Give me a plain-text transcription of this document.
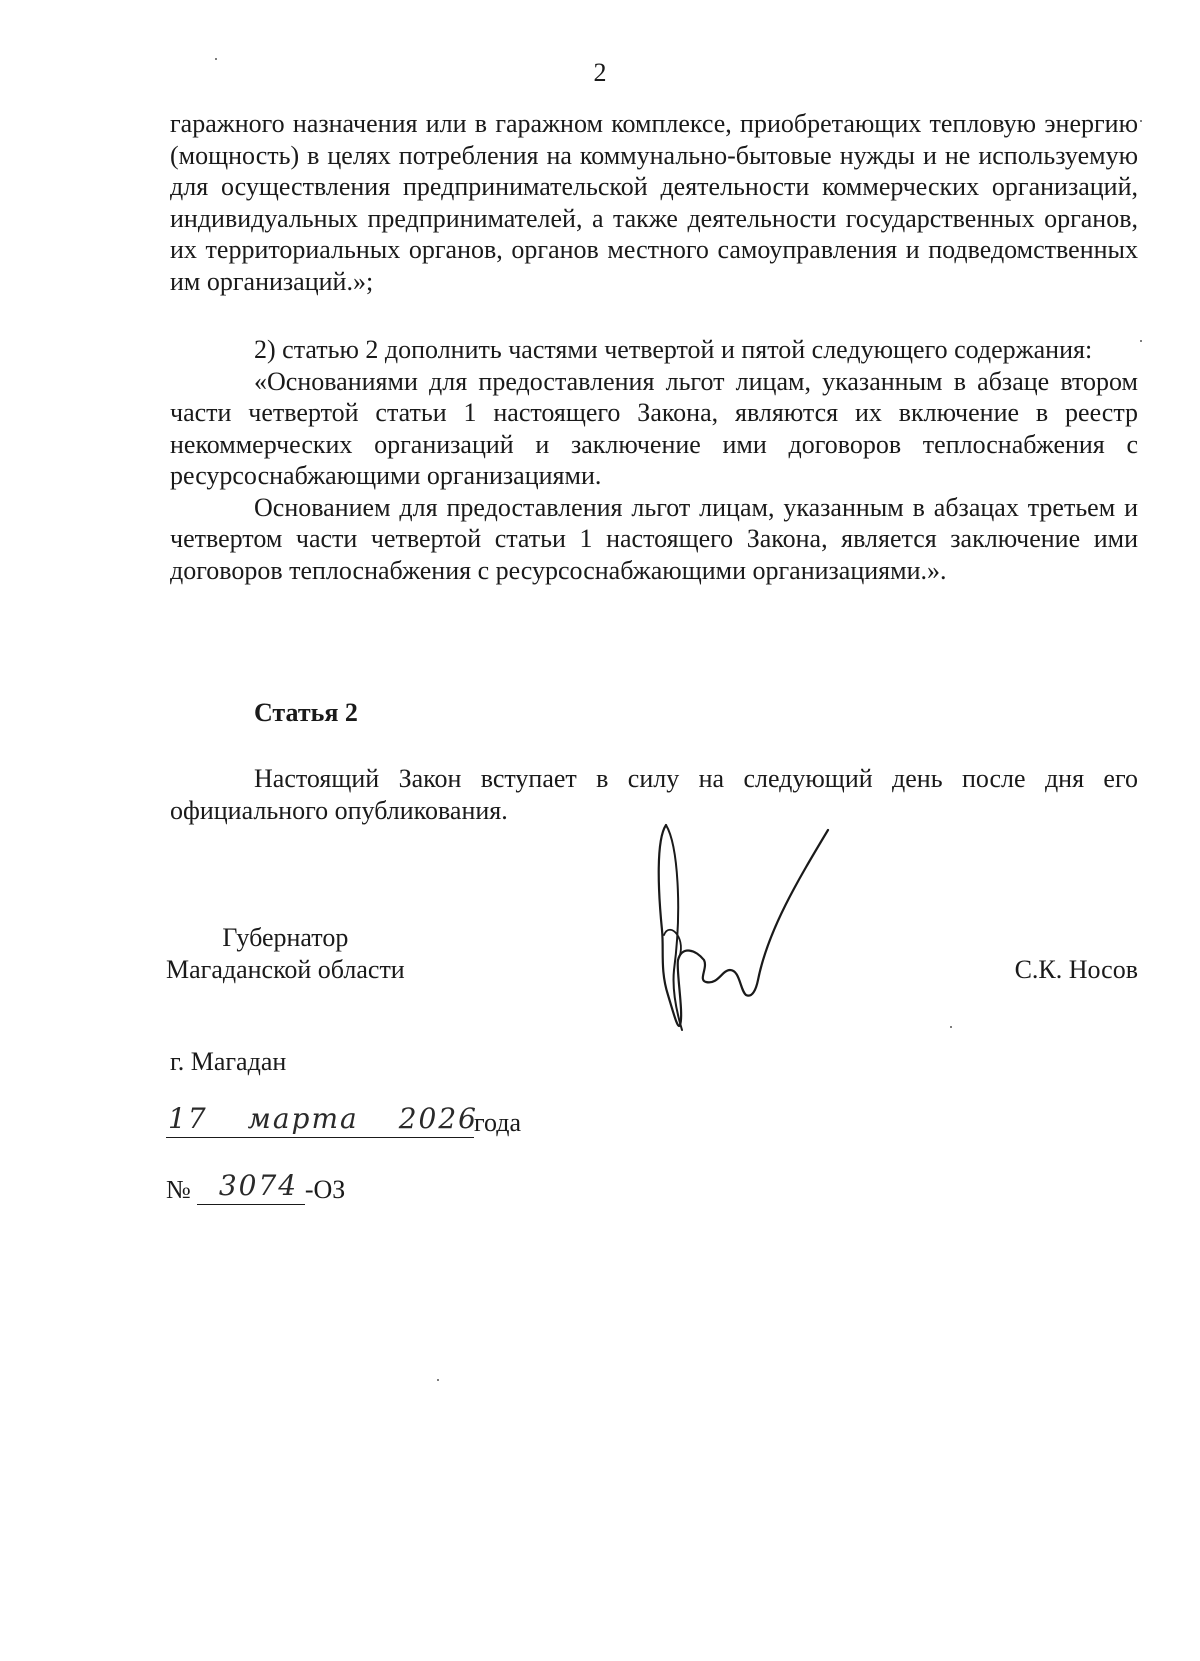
2

гаражного назначения или в гаражном комплексе, приобретающих тепловую энергию (мощность) в целях потребления на коммунально-бытовые нужды и не используемую для осуществления предпринимательской деятельности коммерческих организаций, индивидуальных предпринимателей, а также деятельности государственных органов, их территориальных органов, органов местного самоуправления и подведомственных им организаций.»;

2) статью 2 дополнить частями четвертой и пятой следующего содержания:

«Основаниями для предоставления льгот лицам, указанным в абзаце втором части четвертой статьи 1 настоящего Закона, являются их включение в реестр некоммерческих организаций и заключение ими договоров теплоснабжения с ресурсоснабжающими организациями.

Основанием для предоставления льгот лицам, указанным в абзацах третьем и четвертом части четвертой статьи 1 настоящего Закона, является заключение ими договоров теплоснабжения с ресурсоснабжающими организациями.».

Статья 2

Настоящий Закон вступает в силу на следующий день после дня его официального опубликования.

Губернатор
Магаданской области	С.К. Носов
г. Магадан
17 марта 2026
года
№ 3074 -ОЗ
